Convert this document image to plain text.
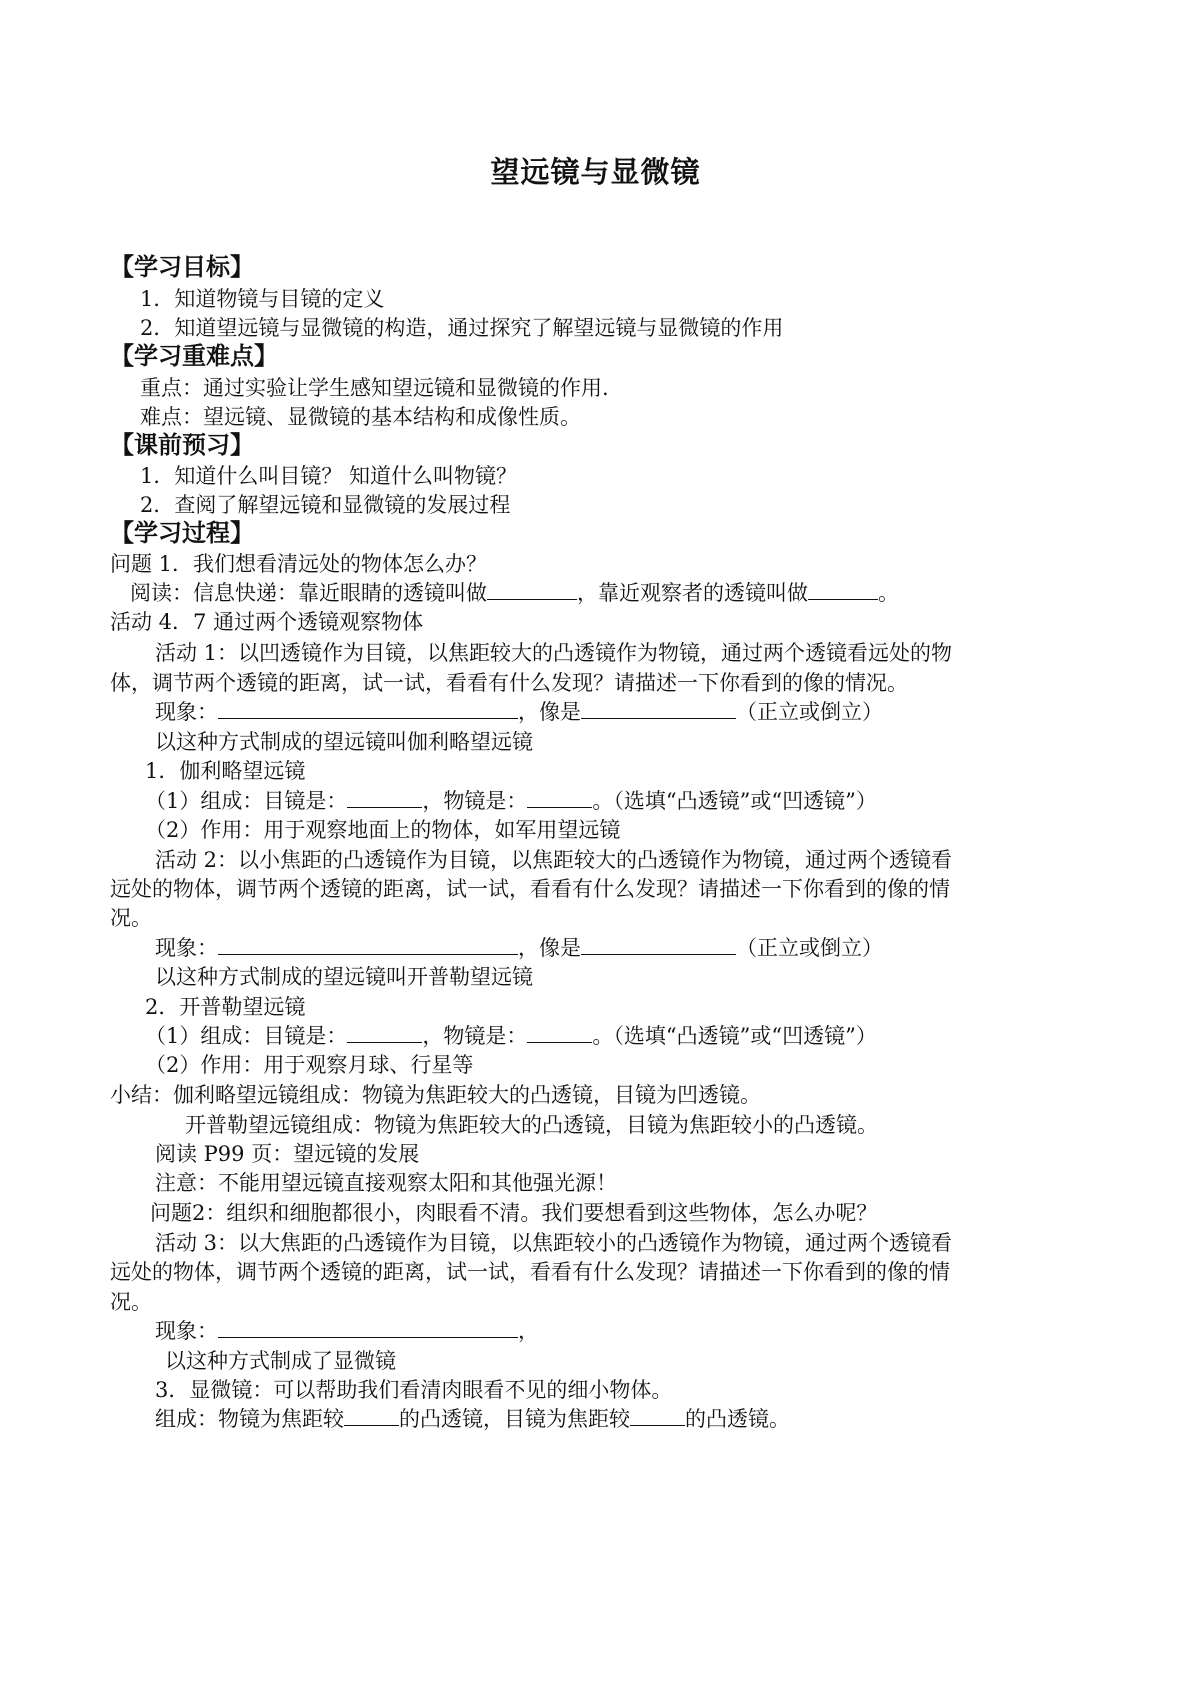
望远镜与显微镜
【学习目标】
1．知道物镜与目镜的定义
2．知道望远镜与显微镜的构造，通过探究了解望远镜与显微镜的作用
【学习重难点】
重点：通过实验让学生感知望远镜和显微镜的作用.
难点：望远镜、显微镜的基本结构和成像性质。
【课前预习】
1．知道什么叫目镜？ 知道什么叫物镜？
2．查阅了解望远镜和显微镜的发展过程
【学习过程】
问题 1．我们想看清远处的物体怎么办？
阅读：信息快递：靠近眼睛的透镜叫做	，靠近观察者的透镜叫做	。
活动 4．7 通过两个透镜观察物体
活动 1：以凹透镜作为目镜，以焦距较大的凸透镜作为物镜，通过两个透镜看远处的物
体，调节两个透镜的距离，试一试，看看有什么发现？请描述一下你看到的像的情况。
现象：	，像是	（正立或倒立）
以这种方式制成的望远镜叫伽利略望远镜
1．伽利略望远镜
（1）组成：目镜是：	，物镜是：	。（选填“凸透镜”或“凹透镜”）
（2）作用：用于观察地面上的物体，如军用望远镜
活动 2：以小焦距的凸透镜作为目镜，以焦距较大的凸透镜作为物镜，通过两个透镜看
远处的物体，调节两个透镜的距离，试一试，看看有什么发现？请描述一下你看到的像的情
况。
现象：	，像是	（正立或倒立）
以这种方式制成的望远镜叫开普勒望远镜
2．开普勒望远镜
（1）组成：目镜是：	，物镜是：	。（选填“凸透镜”或“凹透镜”）
（2）作用：用于观察月球、行星等
小结：伽利略望远镜组成：物镜为焦距较大的凸透镜，目镜为凹透镜。
开普勒望远镜组成：物镜为焦距较大的凸透镜，目镜为焦距较小的凸透镜。
阅读 P99 页：望远镜的发展
注意：不能用望远镜直接观察太阳和其他强光源！
问题2：组织和细胞都很小，肉眼看不清。我们要想看到这些物体，怎么办呢？
活动 3：以大焦距的凸透镜作为目镜，以焦距较小的凸透镜作为物镜，通过两个透镜看
远处的物体，调节两个透镜的距离，试一试，看看有什么发现？请描述一下你看到的像的情
况。
现象：	，
以这种方式制成了显微镜
3．显微镜：可以帮助我们看清肉眼看不见的细小物体。
组成：物镜为焦距较	的凸透镜，目镜为焦距较	的凸透镜。
